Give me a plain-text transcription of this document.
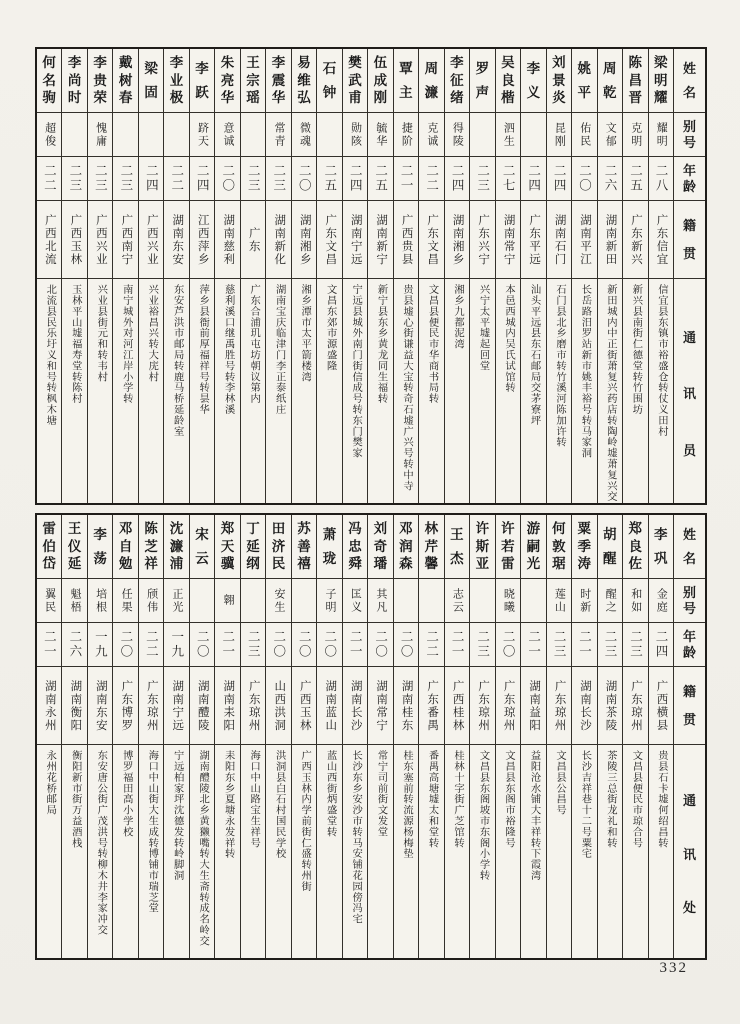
姓
名
别
号
年
龄
籍
贯
通
讯
员
梁
明
耀
耀明
二八
广东信宜
信宜县东镇市裕盛仓转仗义田村
陈
昌
晋
克明
二五
广东新兴
新兴县南街仁德堂转竹围坊
周
乾
文郁
二六
湖南新田
新田城内中正街萧复兴药店转陶岭墟萧复兴交
姚
平
佑民
二〇
湖南平江
长岳路汨罗站新市姚丰裕号转马家洞
刘
景
炎
昆刚
二四
湖南石门
石门县北乡磨市转竹溪河陈加许转
李
义
二四
广东平远
汕头平远县东石邮局交茅寮坪
吴
良
楷
泗生
二七
湖南常宁
本邑西城内吴氏试馆转
罗
声
二三
广东兴宁
兴宁太平墟起回堂
李
征
绪
得陵
二四
湖南湘乡
湘乡九都泥湾
周
濂
克诚
二二
广东文昌
文昌县便民市华商书局转
覃
主
捷阶
二一
广西贵县
贵县墟心街谦益大宝转奇石墟广兴号转中寺
伍
成
刚
毓华
二五
湖南新宁
新宁县东乡黄龙同生福转
樊
武
甫
勋陔
二四
湖南宁远
宁远县城外南门街信成号转东门樊家
石
钟
二五
广东文昌
文昌东郊市源盛隆
易
维
弘
微魂
二〇
湖南湘乡
湘乡潭市太平箭楼湾
李
震
华
常青
二三
湖南新化
湖南宝庆临津门李正泰纸庄
王
宗
瑶
二三
广东
广东合浦玑屯坊朝议第内
朱
亮
华
意诚
二〇
湖南慈利
慈利溪口继禹胜号转李林溪
李
跃
跻天
二四
江西萍乡
萍乡县衙前厚福祥号转昙华
李
业
极
二二
湖南东安
东安芦洪市邮局转鹿马桥延龄室
梁
固
二四
广西兴业
兴业裕昌兴转大庑村
戴
树
春
二三
广西南宁
南宁城外对河江岸小学转
李
贵
荣
愧庸
二三
广西兴业
兴业县街元和转韦村
李
尚
时
二三
广西玉林
玉林平山墟福寿堂转陈村
何
名
驹
超俊
二二
广西北流
北流县民乐圩义和号转枫木塘
姓
名
别
号
年
龄
籍
贯
通
讯
处
李
巩
金庭
二四
广西横县
贵县石卡墟何绍昌转
郑
良
佐
和如
二三
广东琼州
文昌县便民市琼合号
胡
醒
醒之
二三
湖南茶陵
茶陵三总街龙礼和转
粟
季
涛
时新
二一
湖南长沙
长沙吉祥巷十二号粟宅
何
敦
琚
莲山
二三
广东琼州
文昌县公昌号
游
嗣
光
二一
湖南益阳
益阳沧水铺大丰祥转下霞湾
许
若
雷
晓曦
二〇
广东琼州
文昌县东阁市裕隆号
许
斯
亚
二三
广东琼州
文昌县东阁坡市东阁小学转
王
杰
志云
二一
广西桂林
桂林十字街广芝馆转
林
芹
馨
二二
广东番禺
番禺高塘墟太和堂转
邓
润
森
二〇
湖南桂东
桂东塞前转流源杨梅垫
刘
奇
璠
其凡
二〇
湖南常宁
常宁司前街文发堂
冯
忠
舜
匡义
二一
湖南长沙
长沙东乡安沙市转马安铺花园傍冯宅
萧
珑
子明
二〇
湖南蓝山
蓝山西街炳盛堂转
苏
善
禧
二〇
广西玉林
广西玉林内学前街仁盛转州街
田
济
民
安生
二〇
山西洪洞
洪洞县白石村国民学校
丁
延
纲
二三
广东琼州
海口中山路宝生祥号
郑
天
骥
翱
二一
湖南耒阳
耒阳东乡夏塘永发祥转
宋
云
二〇
湖南醴陵
湖南醴陵北乡黄獭嘴转大生斋转成名岭交
沈
濂
浦
正光
一九
湖南宁远
宁远柏家坪沈德发转岭脚洞
陈
芝
祥
颀伟
二二
广东琼州
海口中山街大生成转博铺市瑞芝堂
邓
自
勉
任果
二〇
广东博罗
博罗福田高小学校
李
荡
培根
一九
湖南东安
东安唐公街广茂洪号转柳木井李家冲交
王
仪
延
魁梧
二六
湖南衡阳
衡阳新市街万益酒栈
雷
伯
岱
翼民
二一
湖南永州
永州花桥邮局
332
